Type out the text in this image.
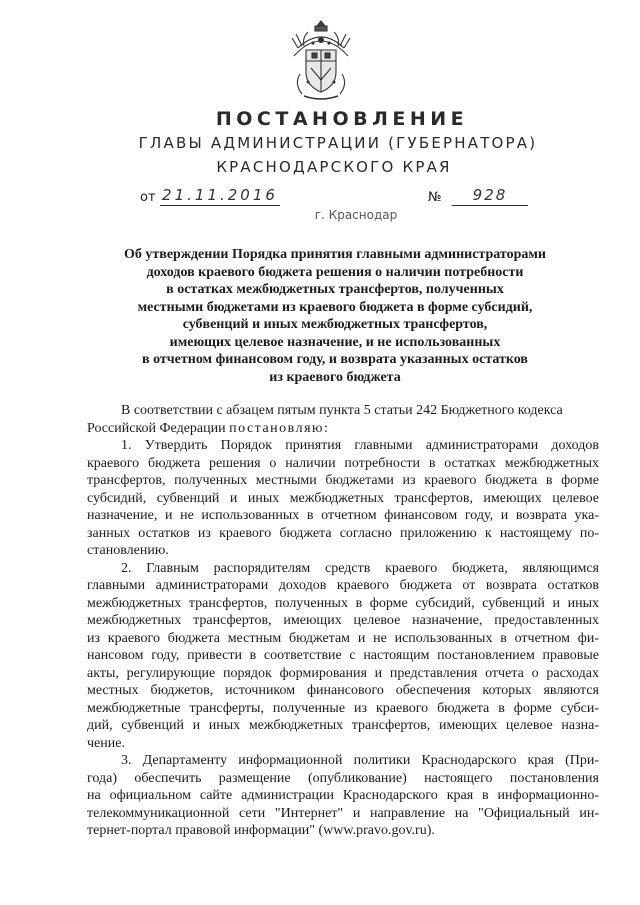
ПОСТАНОВЛЕНИЕ
ГЛАВЫ АДМИНИСТРАЦИИ (ГУБЕРНАТОРА)
КРАСНОДАРСКОГО КРАЯ
от 21.11.2016	№	928
г. Краснодар
Об утверждении Порядка принятия главными администраторами
доходов краевого бюджета решения о наличии потребности
в остатках межбюджетных трансфертов, полученных
местными бюджетами из краевого бюджета в форме субсидий,
субвенций и иных межбюджетных трансфертов,
имеющих целевое назначение, и не использованных
в отчетном финансовом году, и возврата указанных остатков
из краевого бюджета
В соответствии с абзацем пятым пункта 5 статьи 242 Бюджетного кодекса
Российской Федерации постановляю:
1. Утвердить Порядок принятия главными администраторами доходов
краевого бюджета решения о наличии потребности в остатках межбюджетных
трансфертов, полученных местными бюджетами из краевого бюджета в форме
субсидий, субвенций и иных межбюджетных трансфертов, имеющих целевое
назначение, и не использованных в отчетном финансовом году, и возврата ука-
занных остатков из краевого бюджета согласно приложению к настоящему по-
становлению.
2. Главным распорядителям средств краевого бюджета, являющимся
главными администраторами доходов краевого бюджета от возврата остатков
межбюджетных трансфертов, полученных в форме субсидий, субвенций и иных
межбюджетных трансфертов, имеющих целевое назначение, предоставленных
из краевого бюджета местным бюджетам и не использованных в отчетном фи-
нансовом году, привести в соответствие с настоящим постановлением правовые
акты, регулирующие порядок формирования и представления отчета о расходах
местных бюджетов, источником финансового обеспечения которых являются
межбюджетные трансферты, полученные из краевого бюджета в форме субси-
дий, субвенций и иных межбюджетных трансфертов, имеющих целевое назна-
чение.
3. Департаменту информационной политики Краснодарского края (При-
года) обеспечить размещение (опубликование) настоящего постановления
на официальном сайте администрации Краснодарского края в информационно-
телекоммуникационной сети "Интернет" и направление на "Официальный ин-
тернет-портал правовой информации" (www.pravo.gov.ru).
